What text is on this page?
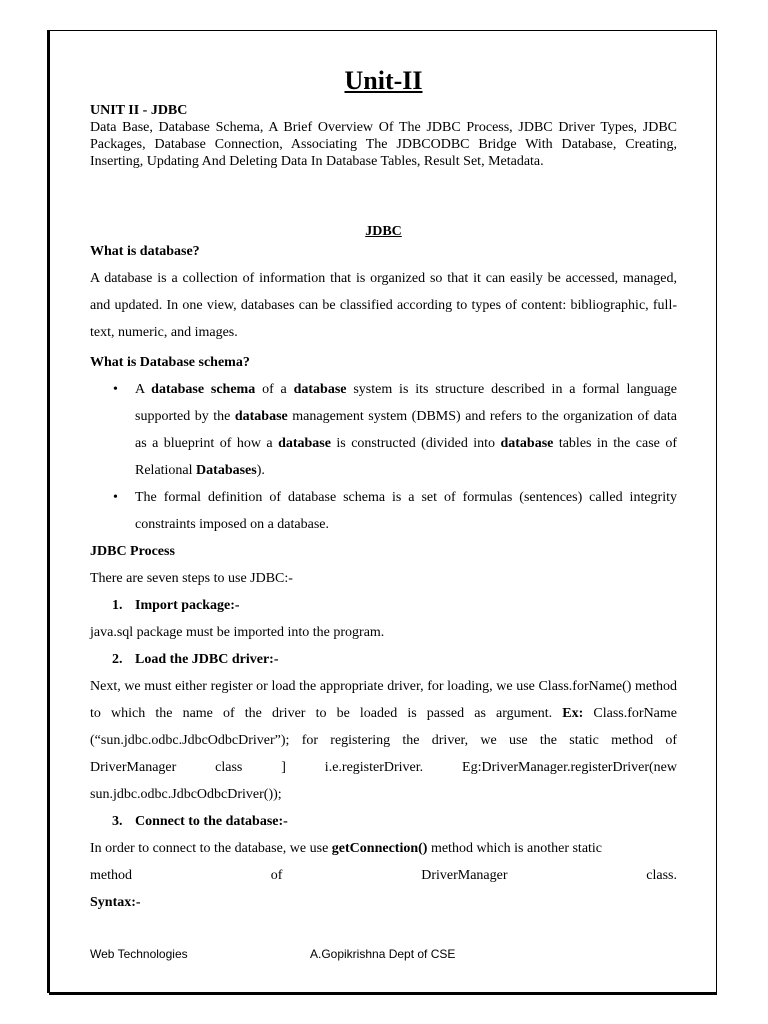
Unit-II
UNIT II - JDBC

Data Base, Database Schema, A Brief Overview Of The JDBC Process, JDBC Driver Types, JDBC Packages, Database Connection, Associating The JDBCODBC Bridge With Database, Creating, Inserting, Updating And Deleting Data In Database Tables, Result Set, Metadata.

JDBC
What is database?

A database is a collection of information that is organized so that it can easily be accessed, managed, and updated. In one view, databases can be classified according to types of content: bibliographic, full-text, numeric, and images.

What is Database schema?
• A database schema of a database system is its structure described in a formal language supported by the database management system (DBMS) and refers to the organization of data as a blueprint of how a database is constructed (divided into database tables in the case of Relational Databases).
• The formal definition of database schema is a set of formulas (sentences) called integrity constraints imposed on a database.
JDBC Process

There are seven steps to use JDBC:-

1. Import package:-

java.sql package must be imported into the program.

2. Load the JDBC driver:-

Next, we must either register or load the appropriate driver, for loading, we use Class.forName() method to which the name of the driver to be loaded is passed as argument. Ex: Class.forName (“sun.jdbc.odbc.JdbcOdbcDriver”); for registering the driver, we use the static method of DriverManager class ] i.e.registerDriver. Eg:DriverManager.registerDriver(new sun.jdbc.odbc.JdbcOdbcDriver());

3. Connect to the database:-

In order to connect to the database, we use getConnection() method which is another static

method	of	DriverManager	class.
Syntax:-
Web Technologies	A.Gopikrishna Dept of CSE
